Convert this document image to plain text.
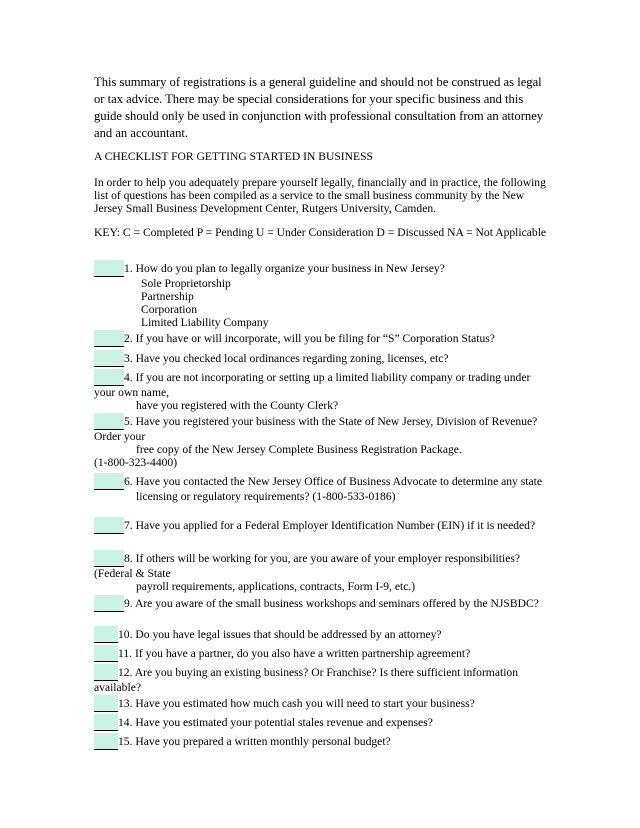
This summary of registrations is a general guideline and should not be construed as legal or tax advice. There may be special considerations for your specific business and this guide should only be used in conjunction with professional consultation from an attorney and an accountant.

A CHECKLIST FOR GETTING STARTED IN BUSINESS

In order to help you adequately prepare yourself legally, financially and in practice, the following list of questions has been compiled as a service to the small business community by the New Jersey Small Business Development Center, Rutgers University, Camden.

KEY: C = Completed P = Pending U = Under Consideration D = Discussed NA = Not Applicable

1. How do you plan to legally organize your business in New Jersey?

Sole Proprietorship

Partnership

Corporation

Limited Liability Company

2. If you have or will incorporate, will you be filing for “S” Corporation Status?

3. Have you checked local ordinances regarding zoning, licenses, etc?

4. If you are not incorporating or setting up a limited liability company or trading under your own name,

have you registered with the County Clerk?

5. Have you registered your business with the State of New Jersey, Division of Revenue? Order your

free copy of the New Jersey Complete Business Registration Package.

(1-800-323-4400)

6. Have you contacted the New Jersey Office of Business Advocate to determine any state

licensing or regulatory requirements? (1-800-533-0186)

7. Have you applied for a Federal Employer Identification Number (EIN) if it is needed?

8. If others will be working for you, are you aware of your employer responsibilities? (Federal & State

payroll requirements, applications, contracts, Form I-9, etc.)

9. Are you aware of the small business workshops and seminars offered by the NJSBDC?

10. Do you have legal issues that should be addressed by an attorney?

11. If you have a partner, do you also have a written partnership agreement?

12. Are you buying an existing business? Or Franchise? Is there sufficient information available?

13. Have you estimated how much cash you will need to start your business?

14. Have you estimated your potential stales revenue and expenses?

15. Have you prepared a written monthly personal budget?
